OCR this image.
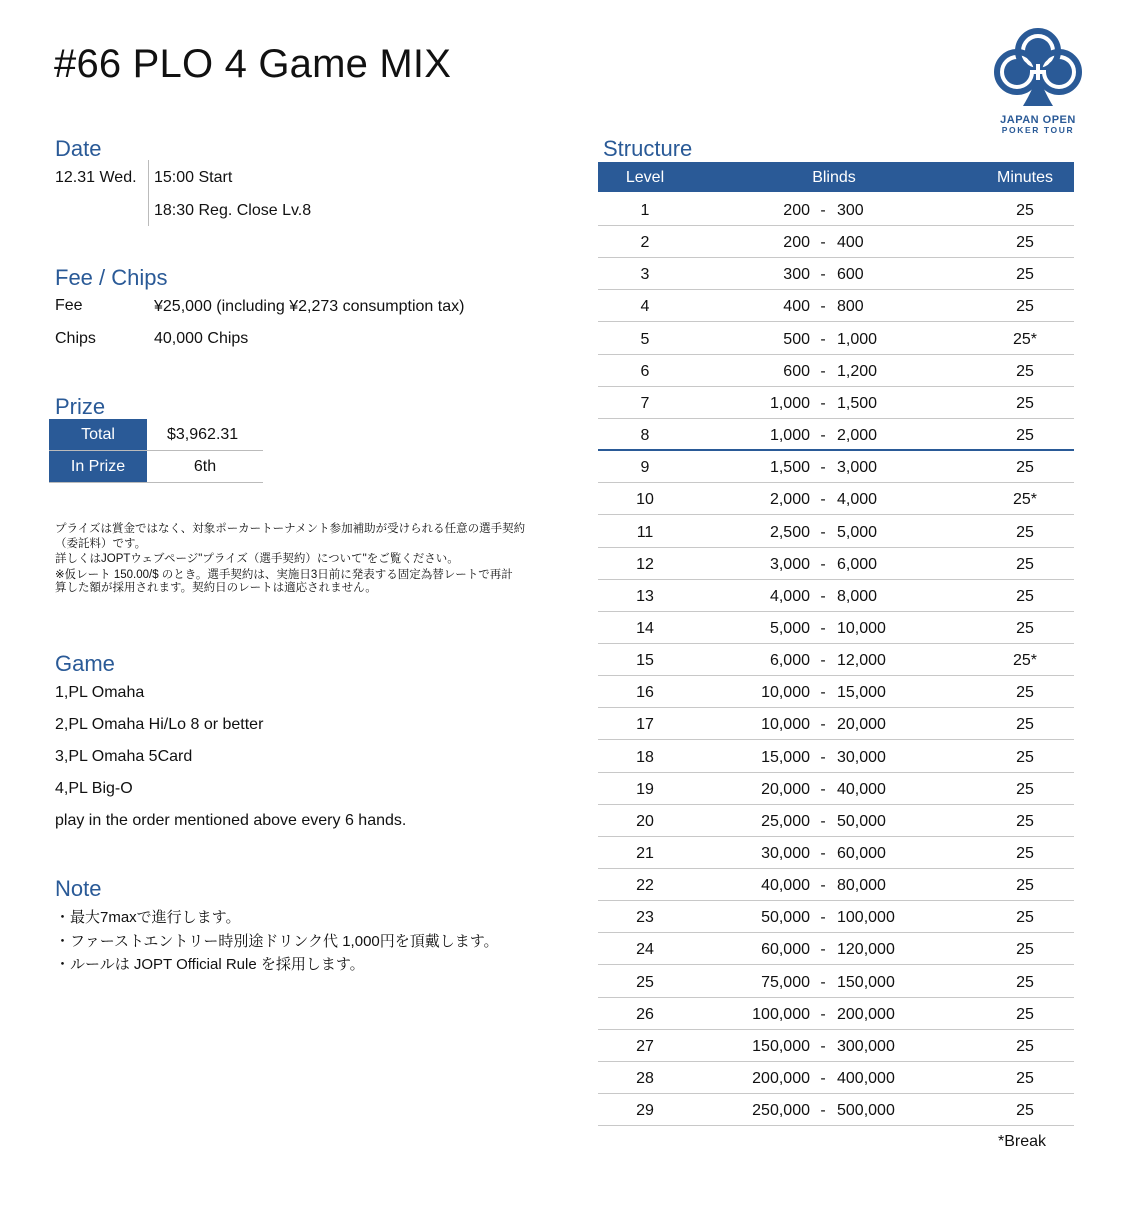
#66 PLO 4 Game MIX
JAPAN OPEN
POKER TOUR
Date
12.31 Wed. 15:00 Start
18:30 Reg. Close Lv.8
Fee / Chips
Fee	¥25,000 (including ¥2,273 consumption tax)
Chips	40,000 Chips
Prize
Total	$3,962.31
In Prize	6th
プライズは賞金ではなく、対象ポーカートーナメント参加補助が受けられる任意の選手契約
（委託料）です。
詳しくはJOPTウェブページ"プライズ（選手契約）について"をご覧ください。
※仮レート 150.00/$ のとき。選手契約は、実施日3日前に発表する固定為替レートで再計
算した額が採用されます。契約日のレートは適応されません。
Game
1,PL Omaha
2,PL Omaha Hi/Lo 8 or better
3,PL Omaha 5Card
4,PL Big-O
play in the order mentioned above every 6 hands.
Note
・最大7maxで進行します。
・ファーストエントリー時別途ドリンク代 1,000円を頂戴します。
・ルールは JOPT Official Rule を採用します。
Structure
Level	Blinds	Minutes
1	200 - 300	25
2	200 - 400	25
3	300 - 600	25
4	400 - 800	25
5	500 - 1,000	25*
6	600 - 1,200	25
7	1,000 - 1,500	25
8	1,000 - 2,000	25
9	1,500 - 3,000	25
10	2,000 - 4,000	25*
11	2,500 - 5,000	25
12	3,000 - 6,000	25
13	4,000 - 8,000	25
14	5,000 - 10,000	25
15	6,000 - 12,000	25*
16	10,000 - 15,000	25
17	10,000 - 20,000	25
18	15,000 - 30,000	25
19	20,000 - 40,000	25
20	25,000 - 50,000	25
21	30,000 - 60,000	25
22	40,000 - 80,000	25
23	50,000 - 100,000	25
24	60,000 - 120,000	25
25	75,000 - 150,000	25
26	100,000 - 200,000	25
27	150,000 - 300,000	25
28	200,000 - 400,000	25
29	250,000 - 500,000	25
*Break
